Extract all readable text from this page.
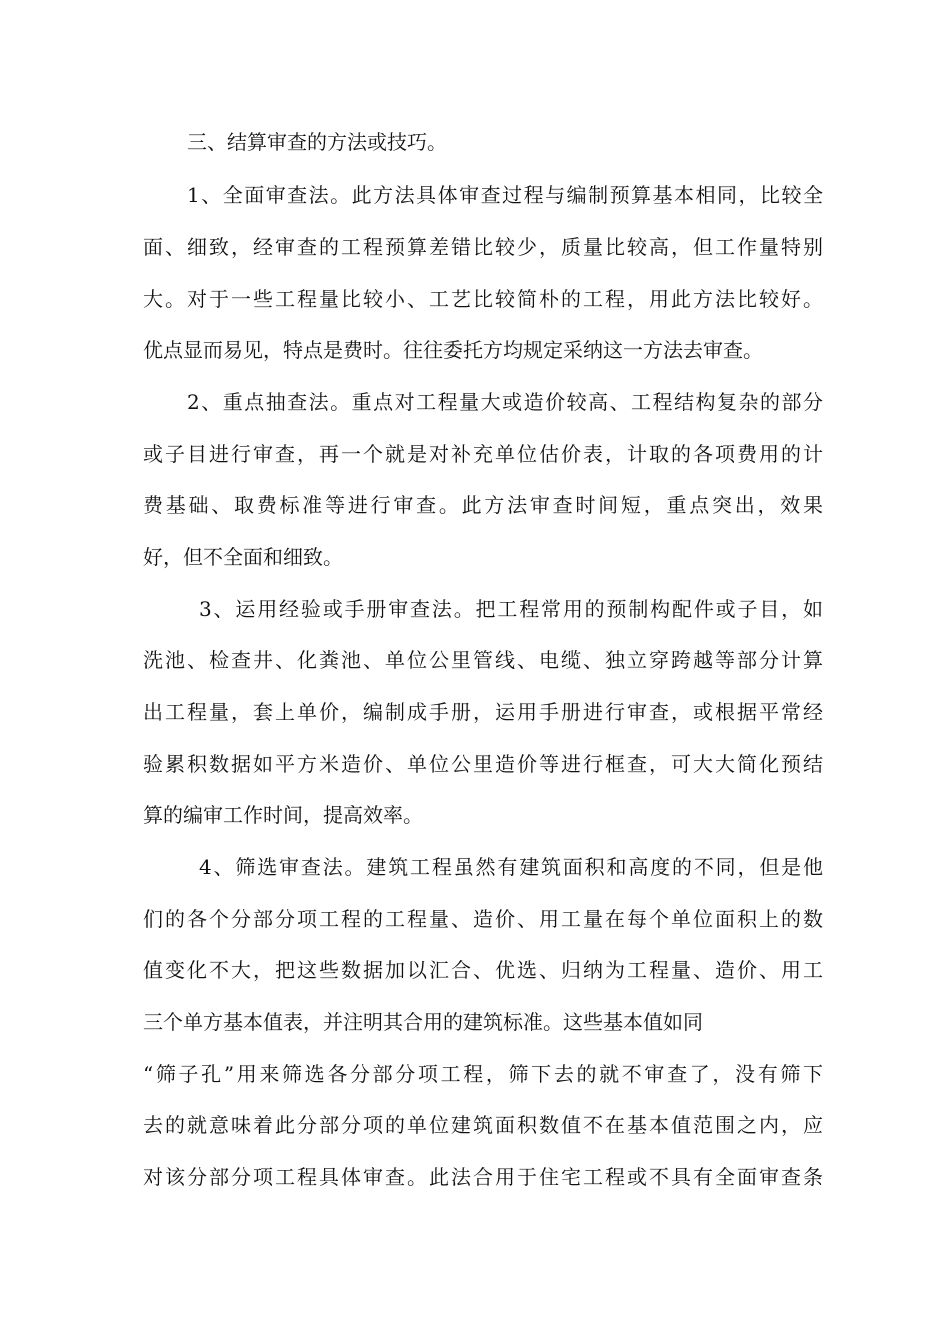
三、结算审查的方法或技巧。
1、全面审查法。此方法具体审查过程与编制预算基本相同，比较全
面、细致，经审查的工程预算差错比较少，质量比较高，但工作量特别
大。对于一些工程量比较小、工艺比较简朴的工程，用此方法比较好。
优点显而易见，特点是费时。往往委托方均规定采纳这一方法去审查。
2、重点抽查法。重点对工程量大或造价较高、工程结构复杂的部分
或子目进行审查，再一个就是对补充单位估价表，计取的各项费用的计
费基础、取费标准等进行审查。此方法审查时间短，重点突出，效果
好，但不全面和细致。
3、运用经验或手册审查法。把工程常用的预制构配件或子目，如
洗池、检查井、化粪池、单位公里管线、电缆、独立穿跨越等部分计算
出工程量，套上单价，编制成手册，运用手册进行审查，或根据平常经
验累积数据如平方米造价、单位公里造价等进行框查，可大大简化预结
算的编审工作时间，提高效率。
4、筛选审查法。建筑工程虽然有建筑面积和高度的不同，但是他
们的各个分部分项工程的工程量、造价、用工量在每个单位面积上的数
值变化不大，把这些数据加以汇合、优选、归纳为工程量、造价、用工
三个单方基本值表，并注明其合用的建筑标准。这些基本值如同
“筛子孔”用来筛选各分部分项工程，筛下去的就不审查了，没有筛下
去的就意味着此分部分项的单位建筑面积数值不在基本值范围之内，应
对该分部分项工程具体审查。此法合用于住宅工程或不具有全面审查条
